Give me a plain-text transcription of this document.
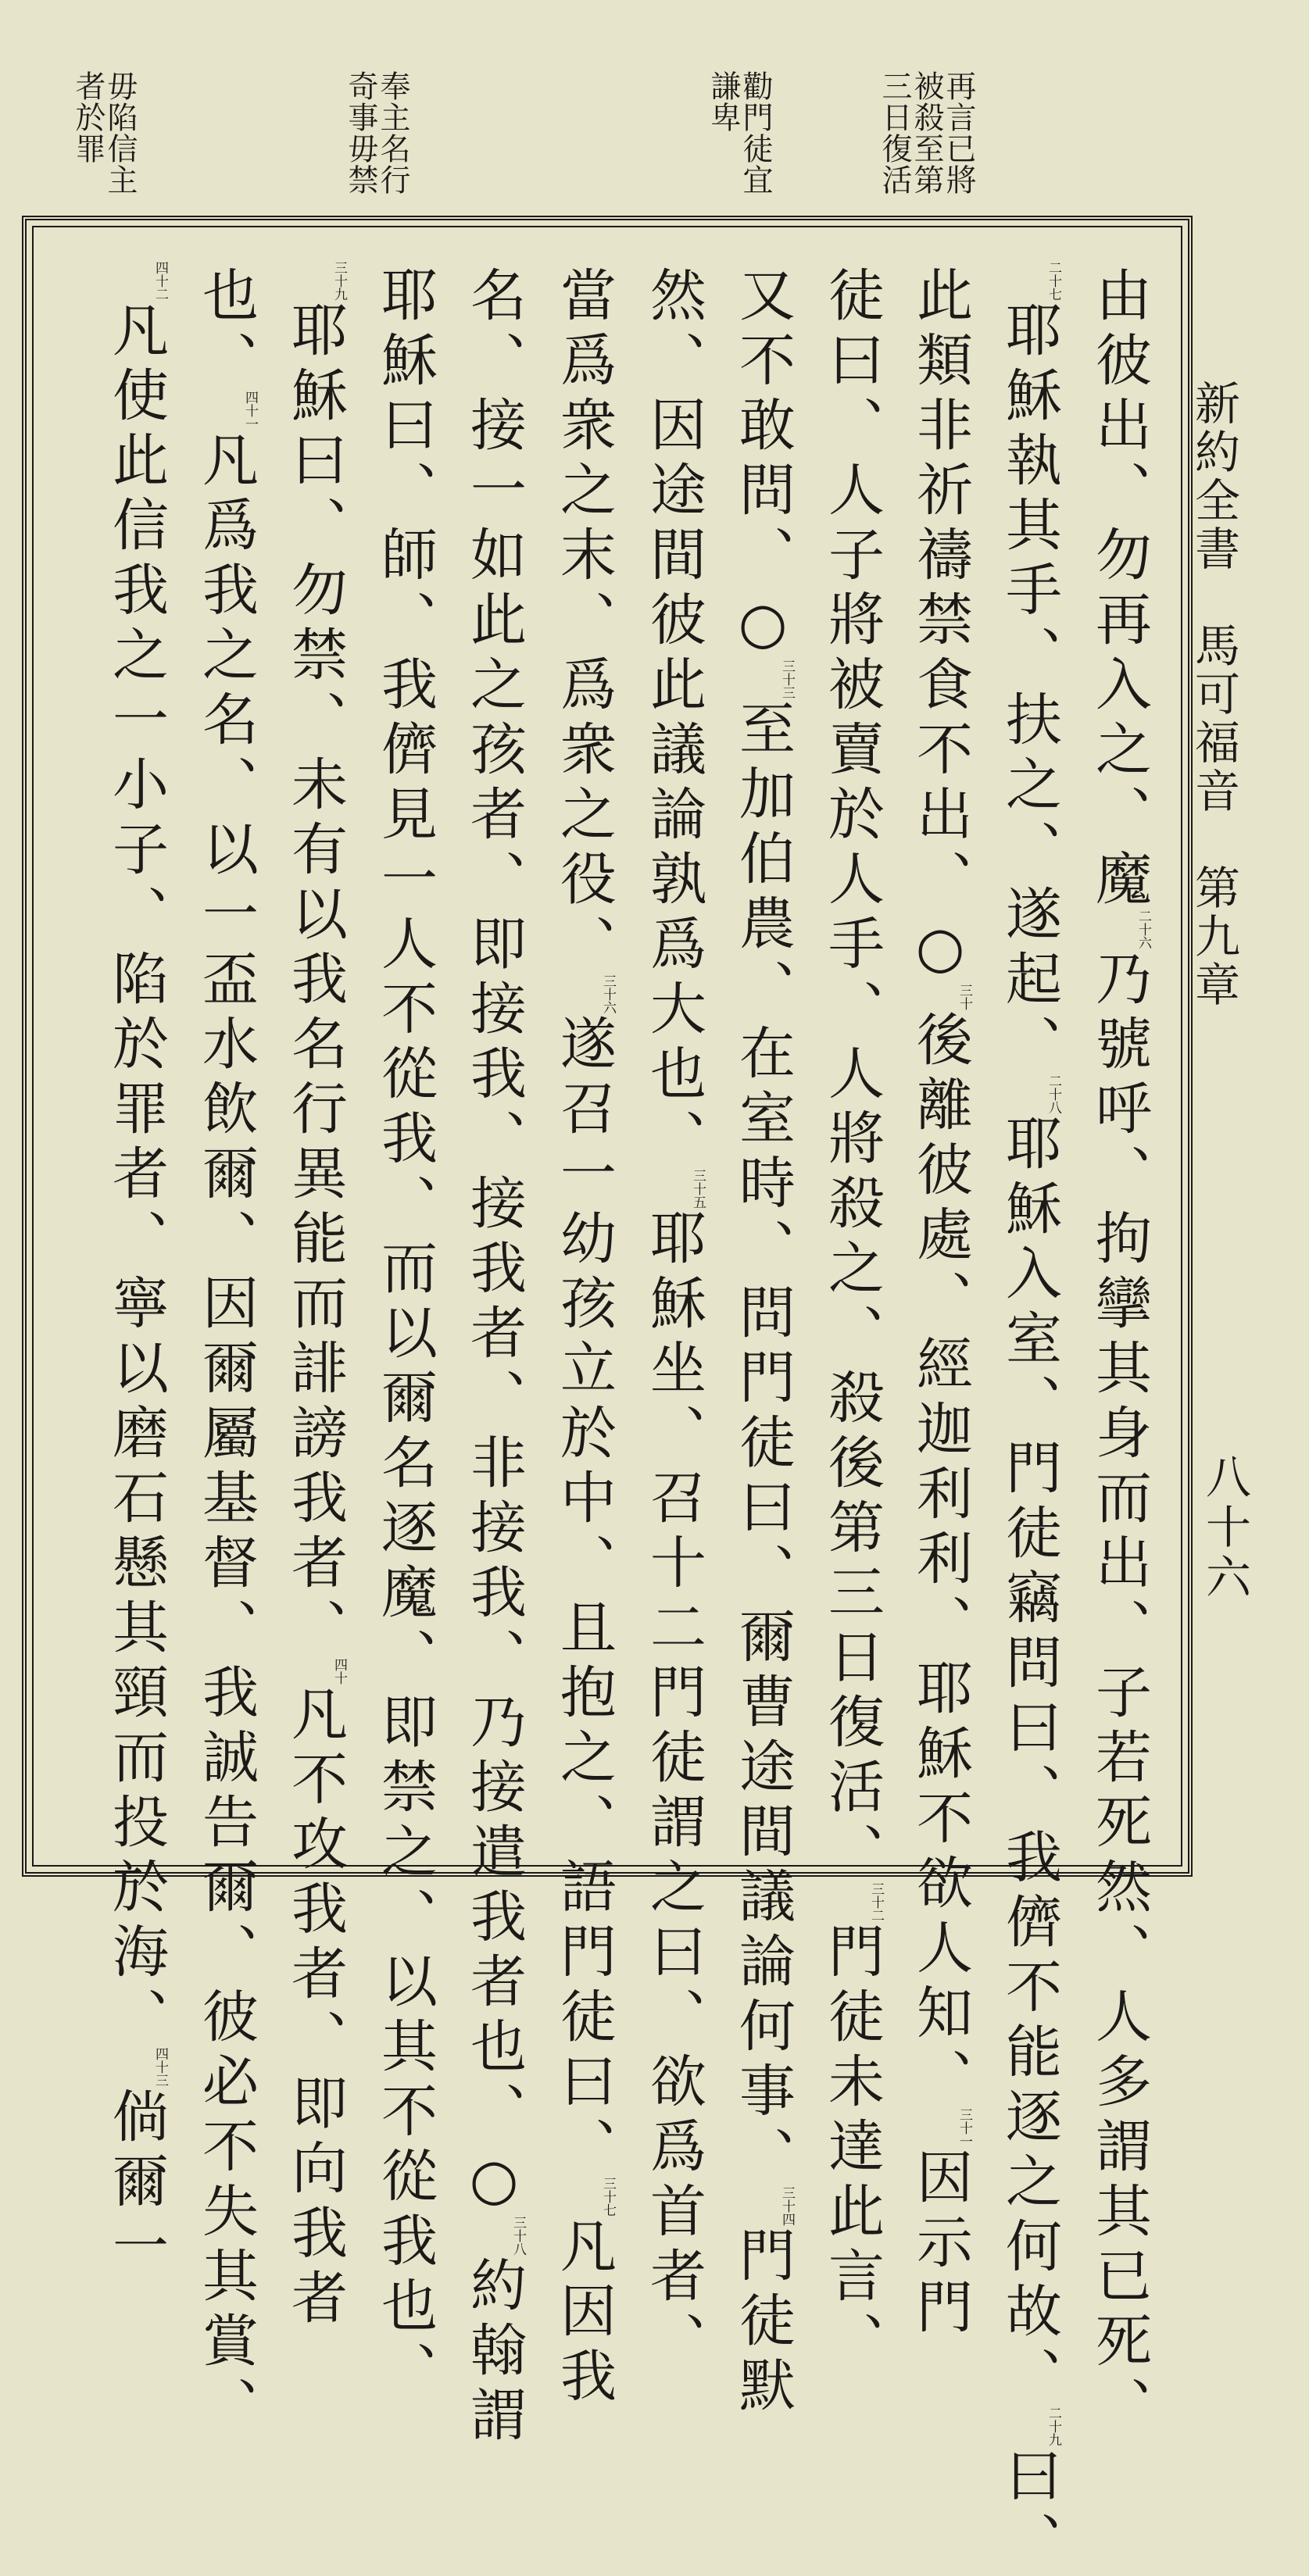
再言已將
被殺至第
三日復活
勸門徒宜
謙卑
奉主名行
奇事毋禁
毋陷信主
者於罪
新約全書　馬可福音　第九章
八十六
由彼出、勿再入之、魔二十六乃號呼、拘攣其身而出、子若死然、人多謂其已死、
二十七耶穌執其手、扶之、遂起、二十八耶穌入室、門徒竊問曰、我儕不能逐之何故、二十九曰、
此類非祈禱禁食不出、○三十後離彼處、經迦利利、耶穌不欲人知、三十一因示門
徒曰、人子將被賣於人手、人將殺之、殺後第三日復活、三十二門徒未達此言、
又不敢問、○三十三至加伯農、在室時、問門徒曰、爾曹途間議論何事、三十四門徒默
然、因途間彼此議論孰爲大也、三十五耶穌坐、召十二門徒謂之曰、欲爲首者、
當爲衆之末、爲衆之役、三十六遂召一幼孩立於中、且抱之、語門徒曰、三十七凡因我
名、接一如此之孩者、即接我、接我者、非接我、乃接遣我者也、○三十八約翰謂
耶穌曰、師、我儕見一人不從我、而以爾名逐魔、即禁之、以其不從我也、
三十九耶穌曰、勿禁、未有以我名行異能而誹謗我者、四十凡不攻我者、即向我者
也、四十一凡爲我之名、以一盃水飲爾、因爾屬基督、我誠告爾、彼必不失其賞、
四十二凡使此信我之一小子、陷於罪者、寧以磨石懸其頸而投於海、四十三倘爾一
